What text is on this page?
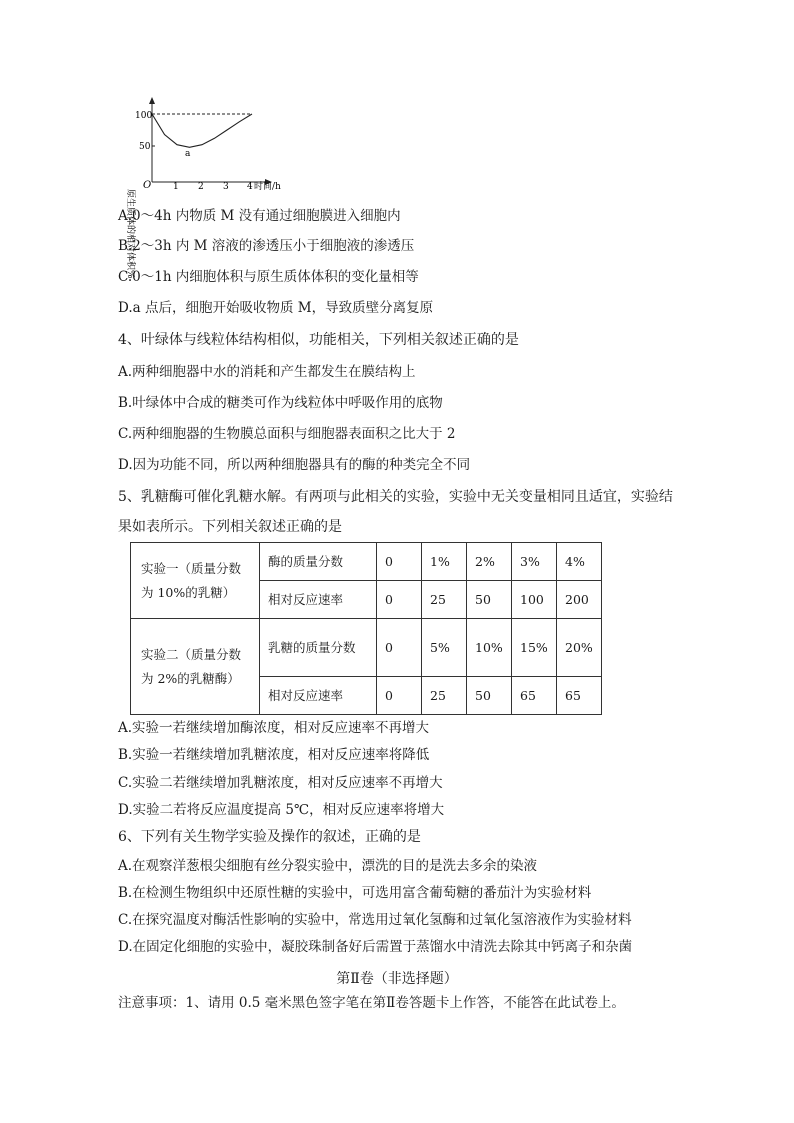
原生质体的相对体积%
100
50
O 1 2 3 4 时间/h
a
A.0～4h 内物质 M 没有通过细胞膜进入细胞内
B.2～3h 内 M 溶液的渗透压小于细胞液的渗透压
C.0～1h 内细胞体积与原生质体体积的变化量相等
D.a 点后，细胞开始吸收物质 M，导致质壁分离复原
4、叶绿体与线粒体结构相似，功能相关，下列相关叙述正确的是
A.两种细胞器中水的消耗和产生都发生在膜结构上
B.叶绿体中合成的糖类可作为线粒体中呼吸作用的底物
C.两种细胞器的生物膜总面积与细胞器表面积之比大于 2
D.因为功能不同，所以两种细胞器具有的酶的种类完全不同
5、乳糖酶可催化乳糖水解。有两项与此相关的实验，实验中无关变量相同且适宜，实验结
果如表所示。下列相关叙述正确的是
实验一（质量分数为 10%的乳糖）	酶的质量分数	0	1%	2%	3%	4%
	相对反应速率	0	25	50	100	200
实验二（质量分数为 2%的乳糖酶）	乳糖的质量分数	0	5%	10%	15%	20%
	相对反应速率	0	25	50	65	65
A.实验一若继续增加酶浓度，相对反应速率不再增大
B.实验一若继续增加乳糖浓度，相对反应速率将降低
C.实验二若继续增加乳糖浓度，相对反应速率不再增大
D.实验二若将反应温度提高 5℃，相对反应速率将增大
6、下列有关生物学实验及操作的叙述，正确的是
A.在观察洋葱根尖细胞有丝分裂实验中，漂洗的目的是洗去多余的染液
B.在检测生物组织中还原性糖的实验中，可选用富含葡萄糖的番茄汁为实验材料
C.在探究温度对酶活性影响的实验中，常选用过氧化氢酶和过氧化氢溶液作为实验材料
D.在固定化细胞的实验中，凝胶珠制备好后需置于蒸馏水中清洗去除其中钙离子和杂菌
第Ⅱ卷（非选择题）
注意事项：1、请用 0.5 毫米黑色签字笔在第Ⅱ卷答题卡上作答，不能答在此试卷上。
